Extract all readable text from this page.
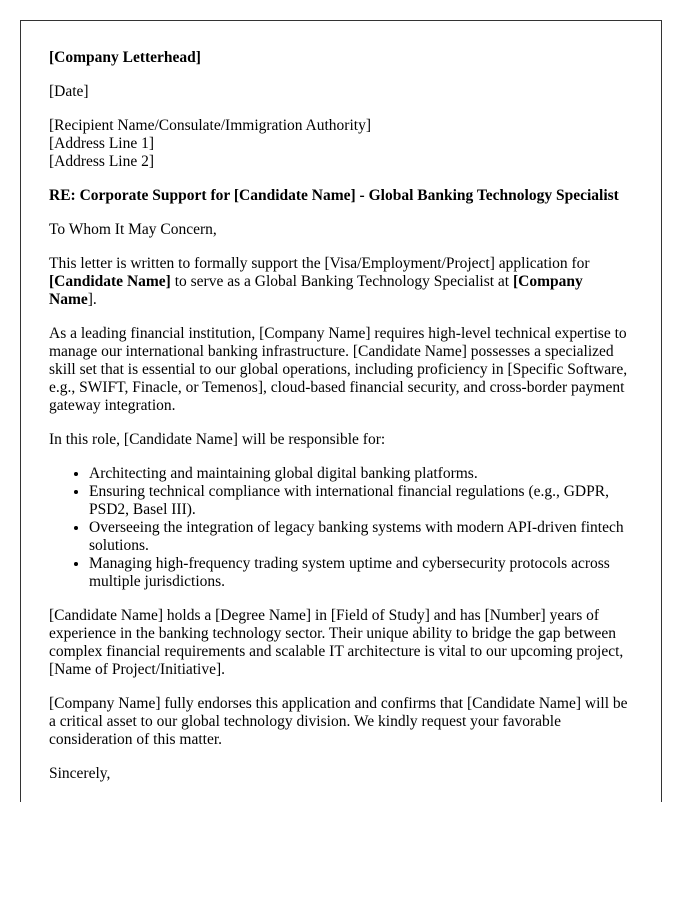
[Company Letterhead]

[Date]

[Recipient Name/Consulate/Immigration Authority]

[Address Line 1]

[Address Line 2]

RE: Corporate Support for [Candidate Name] - Global Banking Technology Specialist

To Whom It May Concern,

This letter is written to formally support the [Visa/Employment/Project] application for [Candidate Name] to serve as a Global Banking Technology Specialist at [Company Name].

As a leading financial institution, [Company Name] requires high-level technical expertise to manage our international banking infrastructure. [Candidate Name] possesses a specialized skill set that is essential to our global operations, including proficiency in [Specific Software, e.g., SWIFT, Finacle, or Temenos], cloud-based financial security, and cross-border payment gateway integration.

In this role, [Candidate Name] will be responsible for:

• Architecting and maintaining global digital banking platforms.
• Ensuring technical compliance with international financial regulations (e.g., GDPR, PSD2, Basel III).
• Overseeing the integration of legacy banking systems with modern API-driven fintech solutions.
• Managing high-frequency trading system uptime and cybersecurity protocols across multiple jurisdictions.

[Candidate Name] holds a [Degree Name] in [Field of Study] and has [Number] years of experience in the banking technology sector. Their unique ability to bridge the gap between complex financial requirements and scalable IT architecture is vital to our upcoming project, [Name of Project/Initiative].

[Company Name] fully endorses this application and confirms that [Candidate Name] will be a critical asset to our global technology division. We kindly request your favorable consideration of this matter.

Sincerely,
